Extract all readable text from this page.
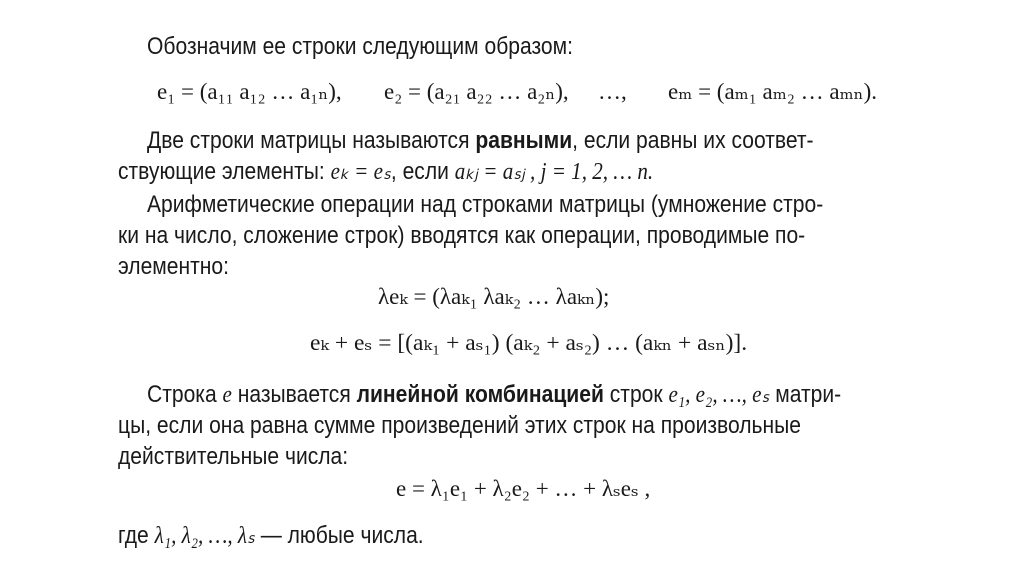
Обозначим ее строки следующим образом:
e₁ = (a₁₁ a₁₂ … a₁ₙ), e₂ = (a₂₁ a₂₂ … a₂ₙ), …, eₘ = (aₘ₁ aₘ₂ … aₘₙ).
Две строки матрицы называются равными, если равны их соответ-
ствующие элементы: eₖ = eₛ, если aₖⱼ = aₛⱼ , j = 1, 2, … n.
Арифметические операции над строками матрицы (умножение стро-
ки на число, сложение строк) вводятся как операции, проводимые по-
элементно:
λeₖ = (λaₖ₁ λaₖ₂ … λaₖₙ);
eₖ + eₛ = [(aₖ₁ + aₛ₁) (aₖ₂ + aₛ₂) … (aₖₙ + aₛₙ)].
Строка e называется линейной комбинацией строк e₁, e₂, …, eₛ матри-
цы, если она равна сумме произведений этих строк на произвольные
действительные числа:
e = λ₁e₁ + λ₂e₂ + … + λₛeₛ ,
где λ₁, λ₂, …, λₛ — любые числа.
